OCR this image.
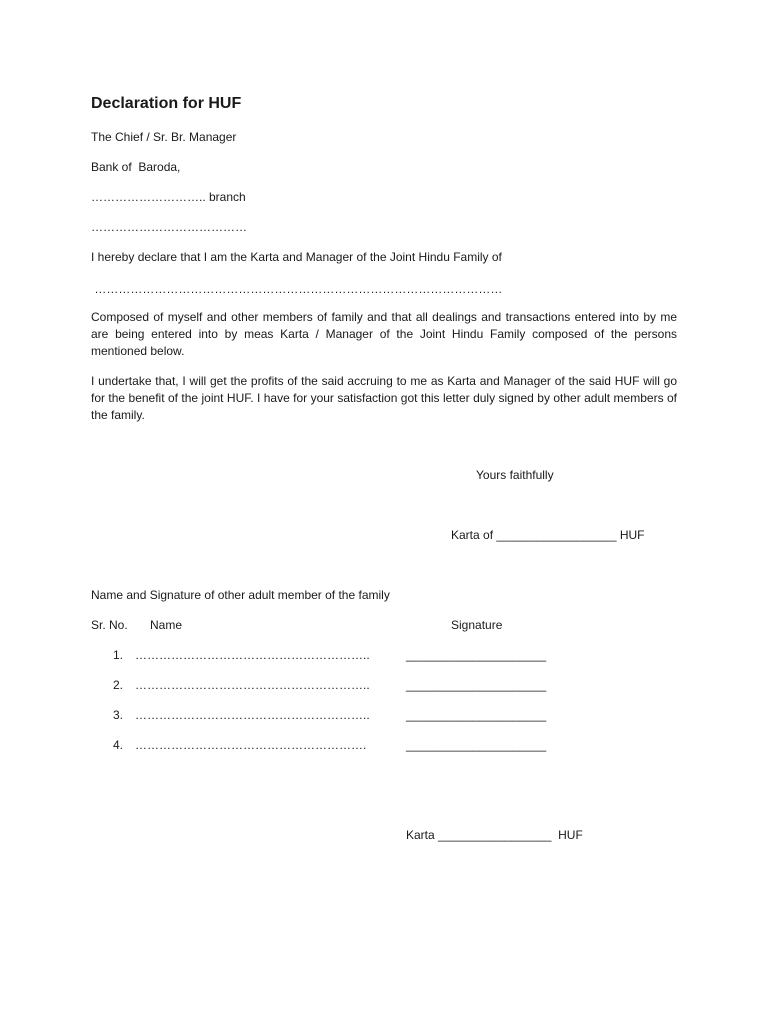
Declaration for HUF
The Chief / Sr. Br. Manager
Bank of  Baroda,
……………………….. branch
…………………………………
I hereby declare that I am the Karta and Manager of the Joint Hindu Family of
…………………………………………………………………………………………
Composed of myself and other members of family and that all dealings and transactions entered into by me are being entered into by meas Karta / Manager of the Joint Hindu Family composed of the persons mentioned below.
I undertake that, I will get the profits of the said accruing to me as Karta and Manager of the said HUF will go for the benefit of the joint HUF. I have for your satisfaction got this letter duly signed by other adult members of the family.
Yours faithfully
Karta of __________________ HUF
Name and Signature of other adult member of the family
Sr. No. Name	Signature
1. …………………………………………………..	_____________________
2. …………………………………………………..	_____________________
3. …………………………………………………..	_____________________
4. ………………………………………………….	_____________________
Karta _________________  HUF
